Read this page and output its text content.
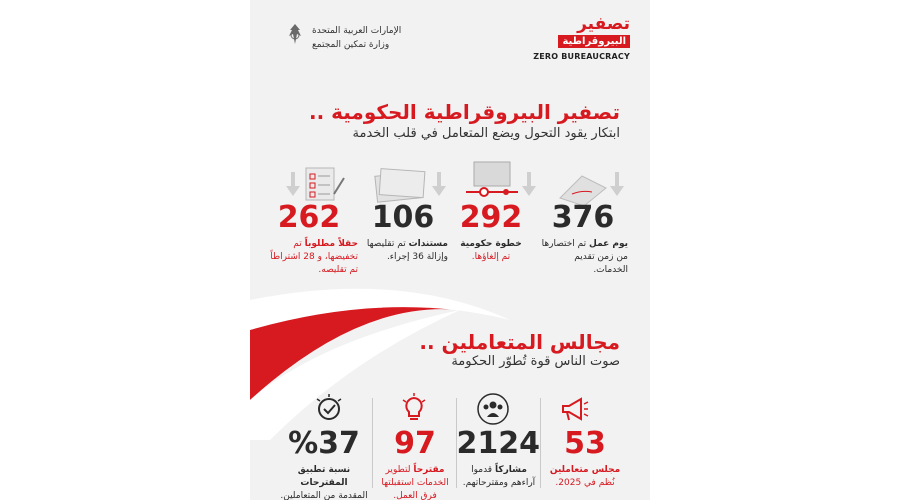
تصفير
البيروقراطية
ZERO BUREAUCRACY
الإمارات العربية المتحدة
وزارة تمكين المجتمع
تصفير البيروقراطية الحكومية ..
ابتكار يقود التحول ويضع المتعامل في قلب الخدمة
376
يوم عمل تم اختصارها من زمن تقديم الخدمات.
292
خطوة حكومية
تم إلغاؤها.
106
مستندات تم تقليصها وإزالة 36 إجراء.
262
حقلاً مطلوباً تم تخفيضها، و 28 اشتراطاً تم تقليصه.
مجالس المتعاملين ..
صوت الناس قوة تُطوّر الحكومة
53
مجلس متعاملين
نُظم في 2025.
2124
مشاركاً قدموا آراءهم ومقترحاتهم.
97
مقترحاً لتطوير الخدمات استقبلتها فرق العمل.
%37
نسبة تطبيق المقترحات
المقدمة من المتعاملين.
